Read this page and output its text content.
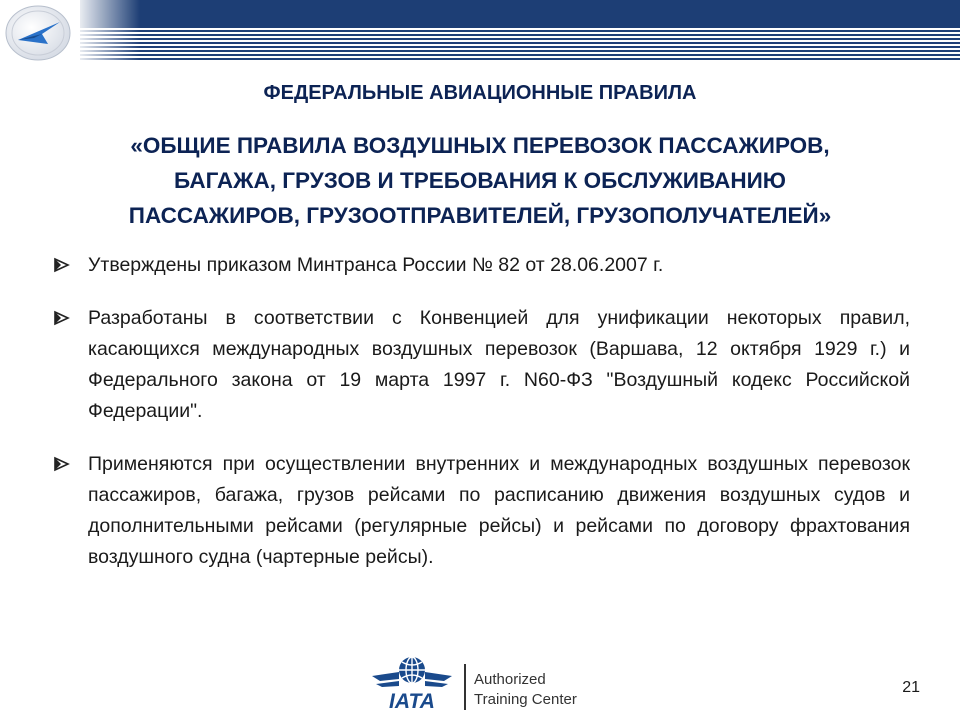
ФЕДЕРАЛЬНЫЕ АВИАЦИОННЫЕ ПРАВИЛА

«ОБЩИЕ ПРАВИЛА ВОЗДУШНЫХ ПЕРЕВОЗОК ПАССАЖИРОВ,
БАГАЖА, ГРУЗОВ И ТРЕБОВАНИЯ К ОБСЛУЖИВАНИЮ
ПАССАЖИРОВ, ГРУЗООТПРАВИТЕЛЕЙ, ГРУЗОПОЛУЧАТЕЛЕЙ»
Утверждены приказом Минтранса России № 82 от 28.06.2007 г.
Разработаны в соответствии с Конвенцией для унификации некоторых правил, касающихся международных воздушных перевозок (Варшава, 12 октября 1929 г.) и Федерального закона от 19 марта 1997 г. N60-ФЗ "Воздушный кодекс Российской Федерации".
Применяются при осуществлении внутренних и международных воздушных перевозок пассажиров, багажа, грузов рейсами по расписанию движения воздушных судов и дополнительными рейсами (регулярные рейсы) и рейсами по договору фрахтования воздушного судна (чартерные рейсы).
IATA
Authorized
Training Center
21
